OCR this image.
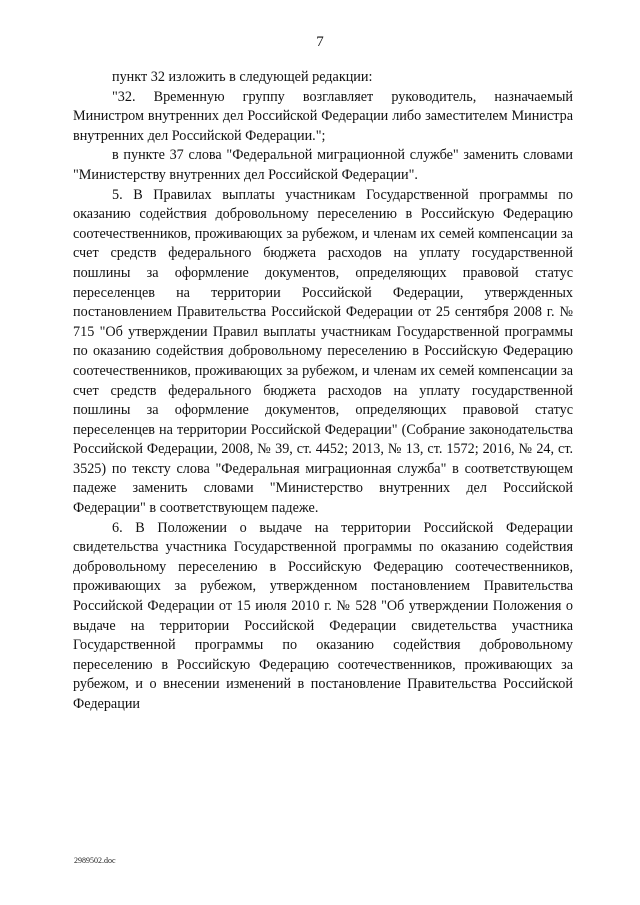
7

пункт 32 изложить в следующей редакции:

"32. Временную группу возглавляет руководитель, назначаемый Министром внутренних дел Российской Федерации либо заместителем Министра внутренних дел Российской Федерации.";

в пункте 37 слова "Федеральной миграционной службе" заменить словами "Министерству внутренних дел Российской Федерации".

5. В Правилах выплаты участникам Государственной программы по оказанию содействия добровольному переселению в Российскую Федерацию соотечественников, проживающих за рубежом, и членам их семей компенсации за счет средств федерального бюджета расходов на уплату государственной пошлины за оформление документов, определяющих правовой статус переселенцев на территории Российской Федерации, утвержденных постановлением Правительства Российской Федерации от 25 сентября 2008 г. № 715 "Об утверждении Правил выплаты участникам Государственной программы по оказанию содействия добровольному переселению в Российскую Федерацию соотечественников, проживающих за рубежом, и членам их семей компенсации за счет средств федерального бюджета расходов на уплату государственной пошлины за оформление документов, определяющих правовой статус переселенцев на территории Российской Федерации" (Собрание законодательства Российской Федерации, 2008, № 39, ст. 4452; 2013, № 13, ст. 1572; 2016, № 24, ст. 3525) по тексту слова "Федеральная миграционная служба" в соответствующем падеже заменить словами "Министерство внутренних дел Российской Федерации" в соответствующем падеже.

6. В Положении о выдаче на территории Российской Федерации свидетельства участника Государственной программы по оказанию содействия добровольному переселению в Российскую Федерацию соотечественников, проживающих за рубежом, утвержденном постановлением Правительства Российской Федерации от 15 июля 2010 г. № 528 "Об утверждении Положения о выдаче на территории Российской Федерации свидетельства участника Государственной программы по оказанию содействия добровольному переселению в Российскую Федерацию соотечественников, проживающих за рубежом, и о внесении изменений в постановление Правительства Российской Федерации

2989502.doc
